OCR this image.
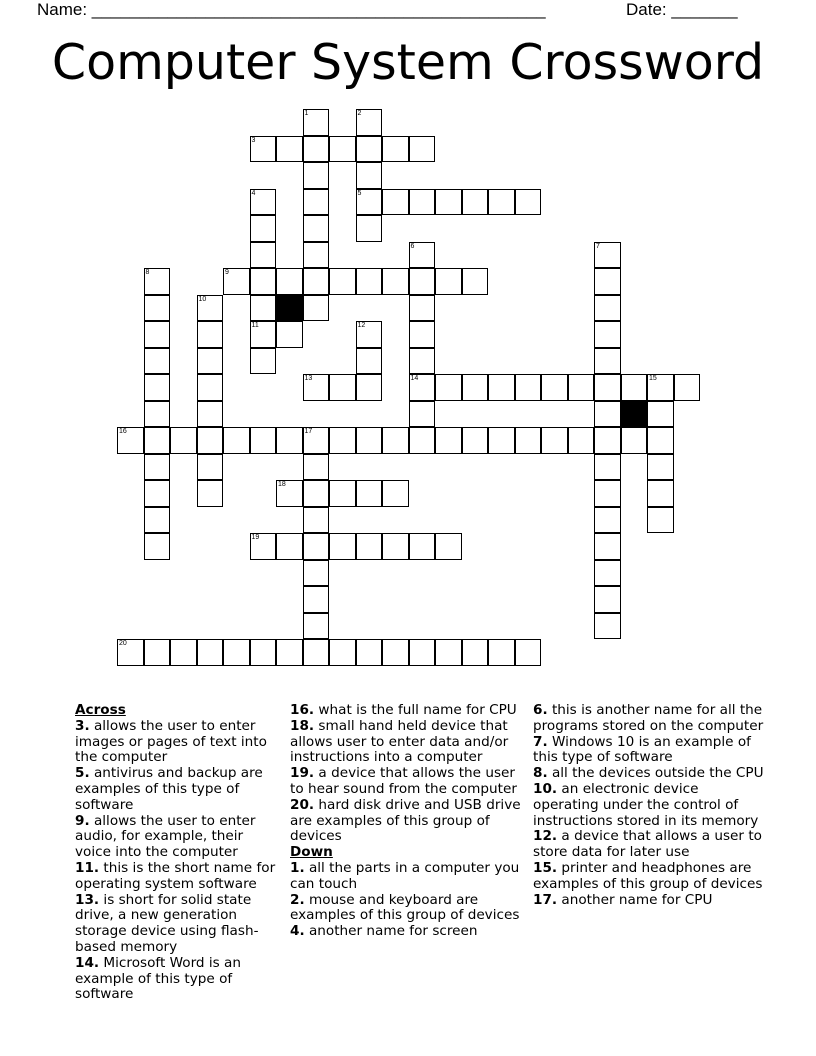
Name: ________________________________________________	Date: _______
Computer System Crossword
1	2
5
3
4
11
6
14
7
8	9
10
12
13	15
16	17
18
19
20
Across
3. allows the user to enter images or pages of text into the computer
5. antivirus and backup are examples of this type of software
9. allows the user to enter audio, for example, their voice into the computer
11. this is the short name for operating system software
13. is short for solid state drive, a new generation storage device using flash-based memory
14. Microsoft Word is an example of this type of software
16. what is the full name for CPU
18. small hand held device that allows user to enter data and/or instructions into a computer
19. a device that allows the user to hear sound from the computer
20. hard disk drive and USB drive are examples of this group of devices
Down
1. all the parts in a computer you can touch
2. mouse and keyboard are examples of this group of devices
4. another name for screen
6. this is another name for all the programs stored on the computer
7. Windows 10 is an example of this type of software
8. all the devices outside the CPU
10. an electronic device operating under the control of instructions stored in its memory
12. a device that allows a user to store data for later use
15. printer and headphones are examples of this group of devices
17. another name for CPU
